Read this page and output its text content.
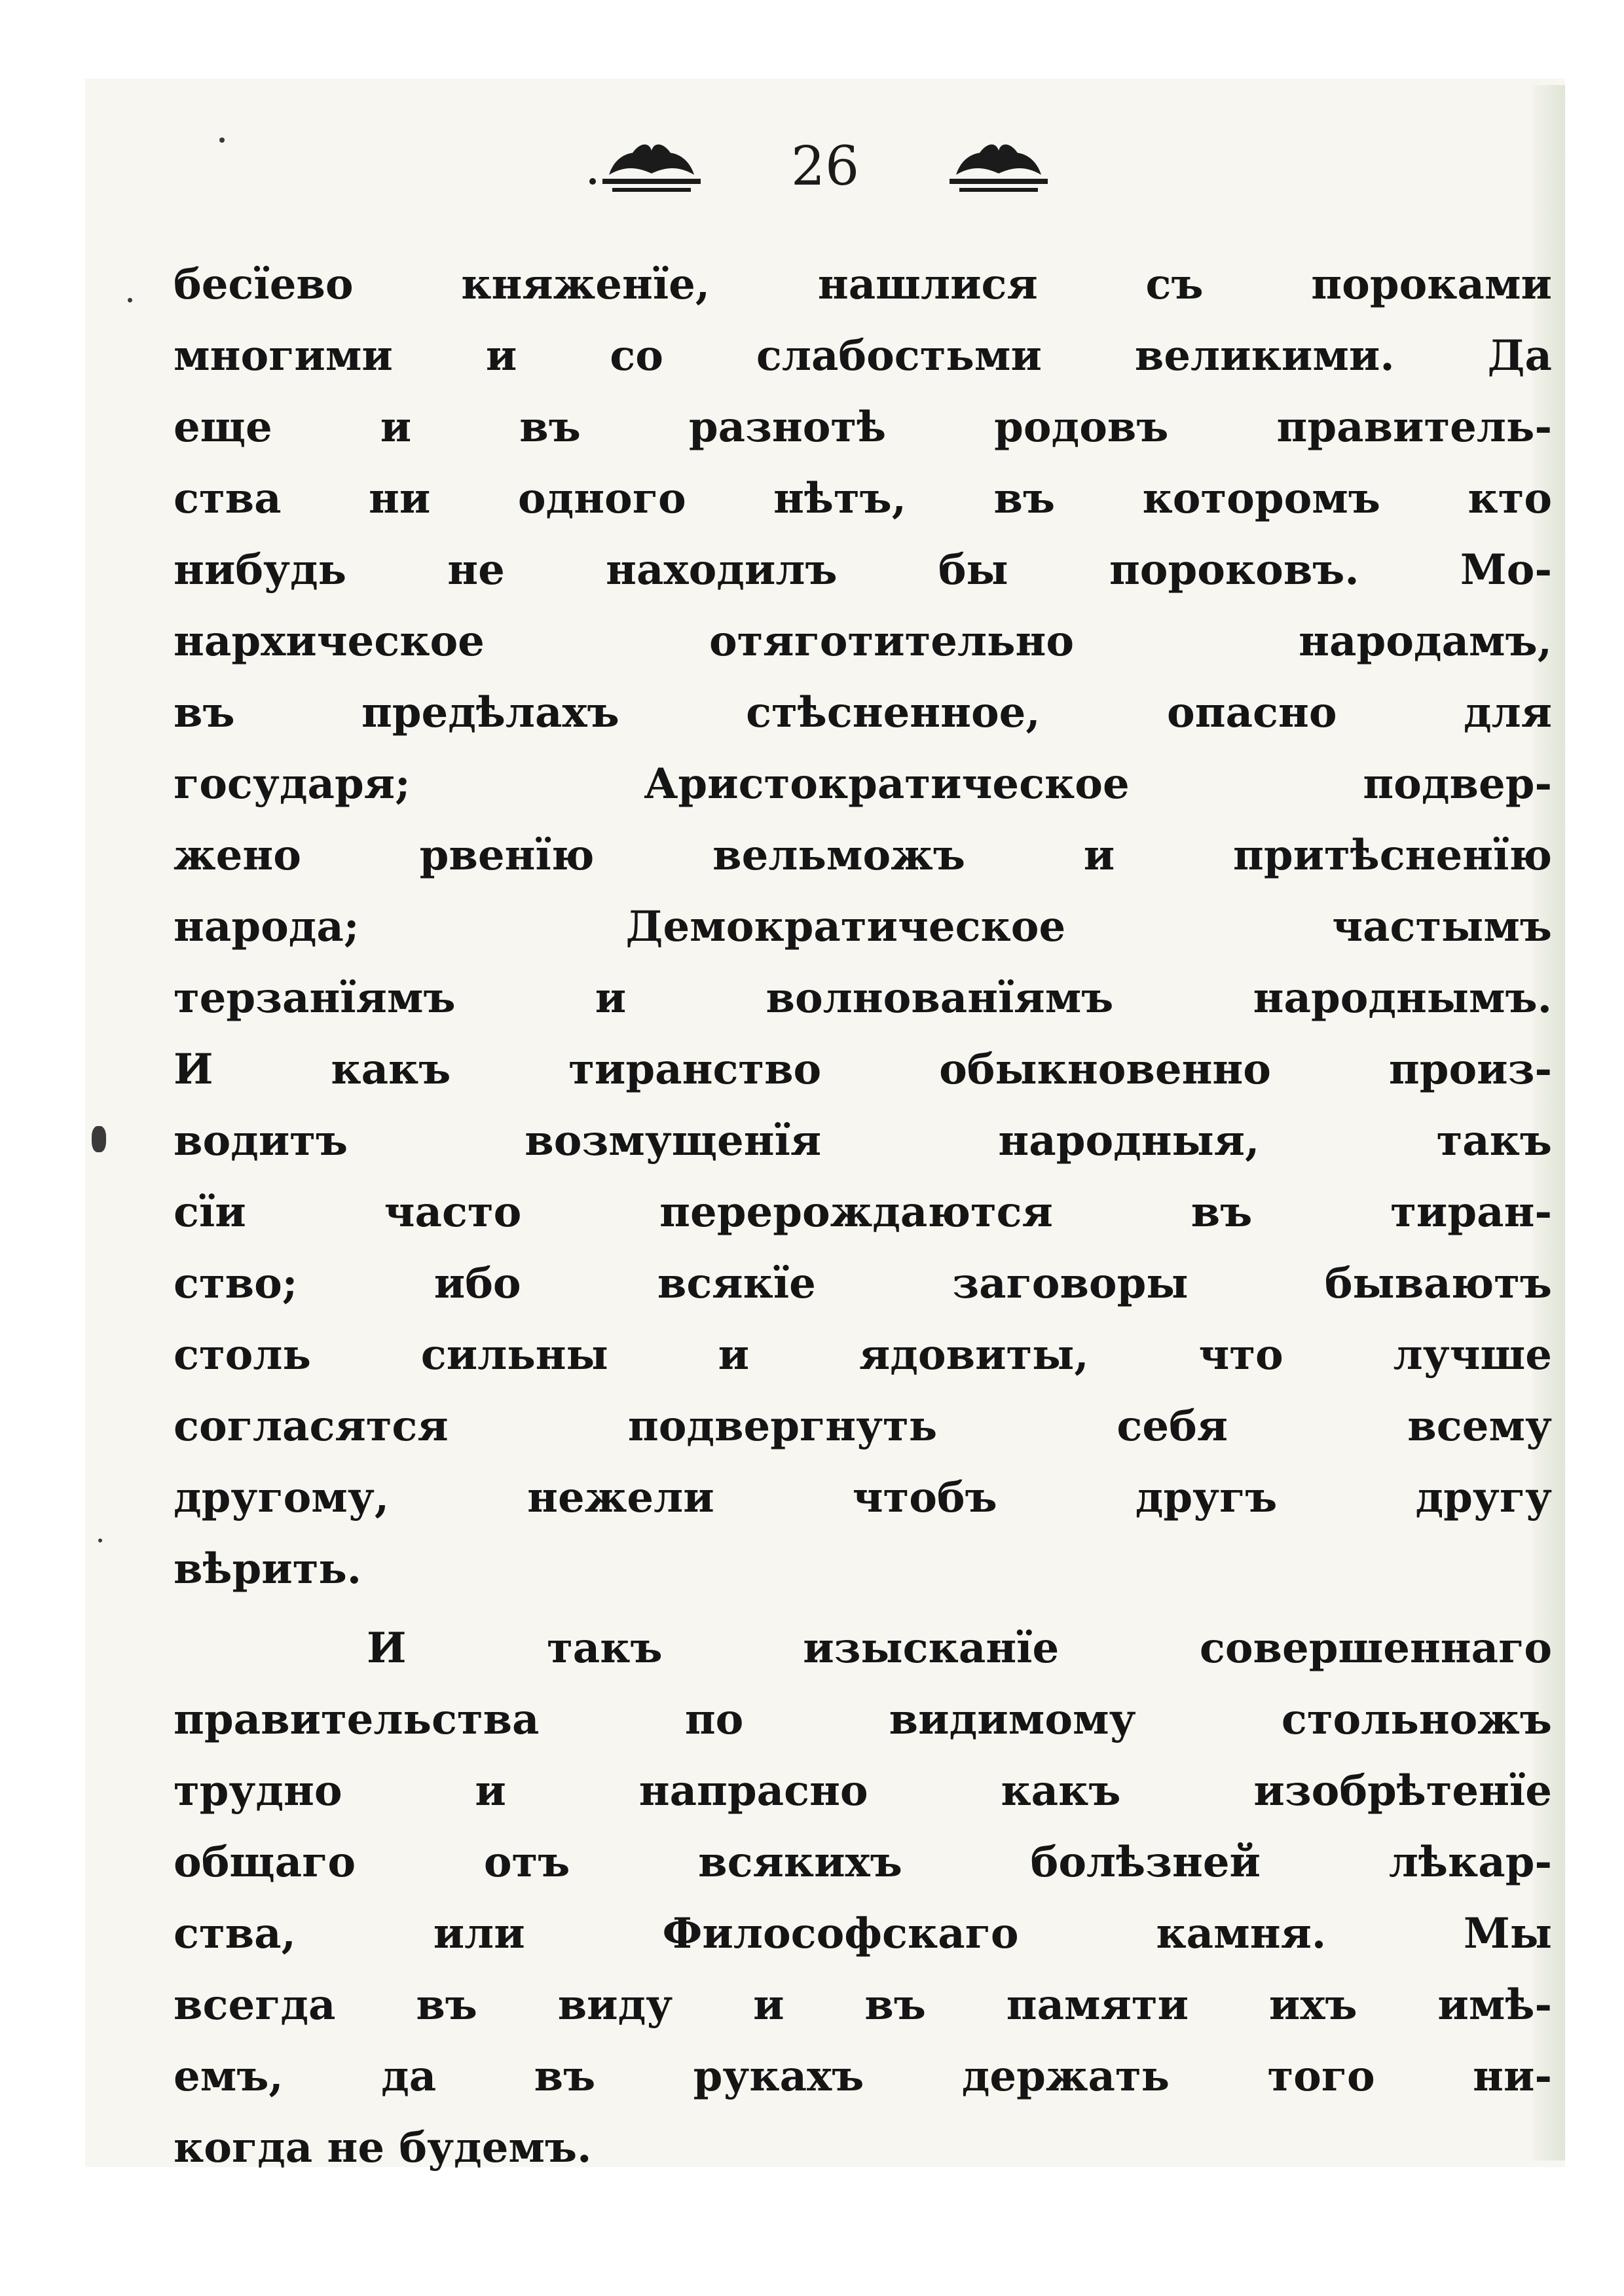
26
бесїево княженїе, нашлися съ пороками
многими и со слабостьми великими. Да
еще и въ разнотѣ родовъ правитель-
ства ни одного нѣтъ, въ которомъ кто
нибудь не находилъ бы пороковъ. Мо-
нархическое отяготительно народамъ,
въ предѣлахъ стѣсненное, опасно для
государя; Аристократическое подвер-
жено рвенїю вельможъ и притѣсненїю
народа; Демократическое частымъ
терзанїямъ и волнованїямъ народнымъ.
И какъ тиранство обыкновенно произ-
водитъ возмущенїя народныя, такъ
сїи часто перерождаются въ тиран-
ство; ибо всякїе заговоры бываютъ
столь сильны и ядовиты, что лучше
согласятся подвергнуть себя всему
другому, нежели чтобъ другъ другу
вѣрить.
И такъ изысканїе совершеннаго
правительства по видимому стольножъ
трудно и напрасно какъ изобрѣтенїе
общаго отъ всякихъ болѣзней лѣкар-
ства, или Философскаго камня. Мы
всегда въ виду и въ памяти ихъ имѣ-
емъ, да въ рукахъ держать того ни-
когда не будемъ.
